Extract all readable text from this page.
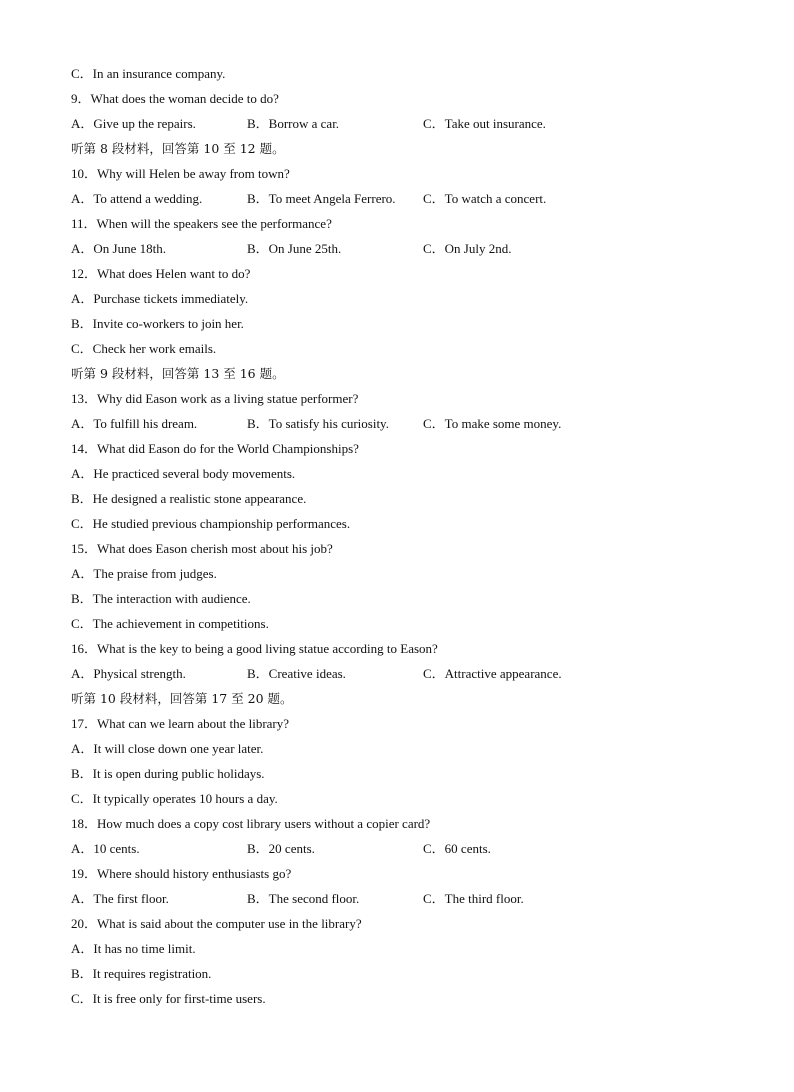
C．In an insurance company.
9．What does the woman decide to do?
A．Give up the repairs.	B．Borrow a car.	C．Take out insurance.
听第 8 段材料，回答第 10 至 12 题。
10．Why will Helen be away from town?
A．To attend a wedding.	B．To meet Angela Ferrero. C．To watch a concert.
11．When will the speakers see the performance?
A．On June 18th.	B．On June 25th.	C．On July 2nd.
12．What does Helen want to do?
A．Purchase tickets immediately.
B．Invite co-workers to join her.
C．Check her work emails.
听第 9 段材料，回答第 13 至 16 题。
13．Why did Eason work as a living statue performer?
A．To fulfill his dream.	B．To satisfy his curiosity.	C．To make some money.
14．What did Eason do for the World Championships?
A．He practiced several body movements.
B．He designed a realistic stone appearance.
C．He studied previous championship performances.
15．What does Eason cherish most about his job?
A．The praise from judges.
B．The interaction with audience.
C．The achievement in competitions.
16．What is the key to being a good living statue according to Eason?
A．Physical strength.	B．Creative ideas.	C．Attractive appearance.
听第 10 段材料，回答第 17 至 20 题。
17．What can we learn about the library?
A．It will close down one year later.
B．It is open during public holidays.
C．It typically operates 10 hours a day.
18．How much does a copy cost library users without a copier card?
A．10 cents.	B．20 cents.	C．60 cents.
19．Where should history enthusiasts go?
A．The first floor.	B．The second floor.	C．The third floor.
20．What is said about the computer use in the library?
A．It has no time limit.
B．It requires registration.
C．It is free only for first-time users.
